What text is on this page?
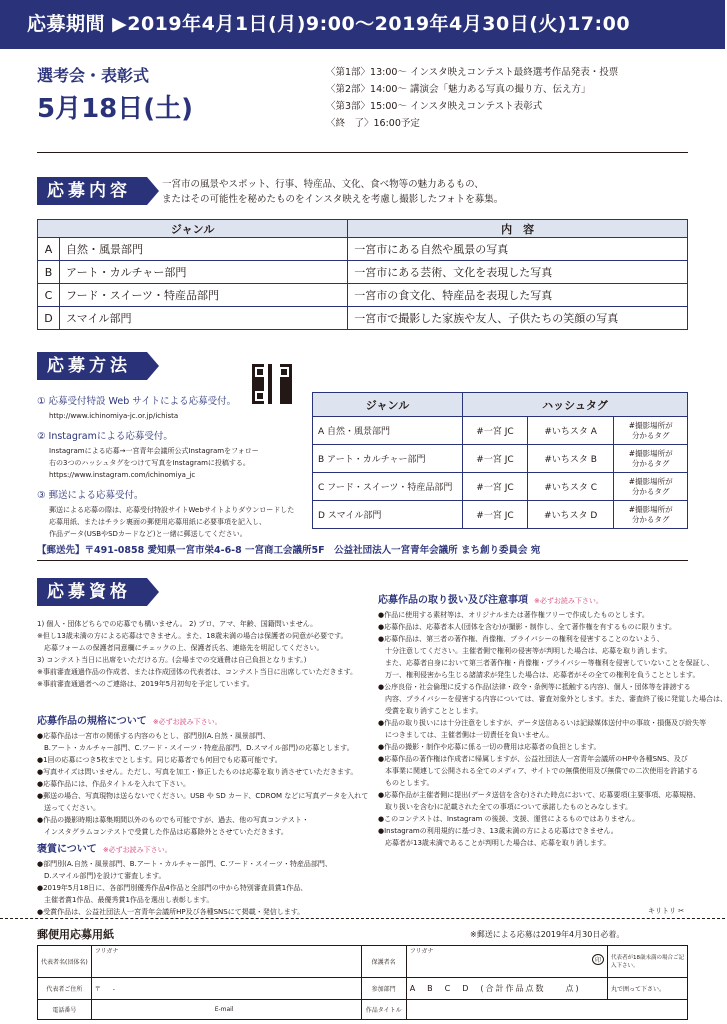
応募期間 ▶2019年4月1日(月)9:00〜2019年4月30日(火)17:00
選考会・表彰式
5月18日(土)
〈第1部〉13:00〜 インスタ映えコンテスト最終選考作品発表・投票
〈第2部〉14:00〜 講演会「魅力ある写真の撮り方、伝え方」
〈第3部〉15:00〜 インスタ映えコンテスト表彰式
〈終　了〉16:00予定
応募内容	一宮市の風景やスポット、行事、特産品、文化、食べ物等の魅力あるもの、
またはその可能性を秘めたものをインスタ映えを考慮し撮影したフォトを募集。
ジャンル		内　容
A	自然・風景部門	一宮市にある自然や風景の写真
B	アート・カルチャー部門	一宮市にある芸術、文化を表現した写真
C	フード・スイーツ・特産品部門	一宮市の食文化、特産品を表現した写真
D	スマイル部門	一宮市で撮影した家族や友人、子供たちの笑顔の写真
応募方法
① 応募受付特設 Web サイトによる応募受付。
http://www.ichinomiya-jc.or.jp/ichista
② Instagramによる応募受付。
Instagramによる応募→一宮青年会議所公式Instagramをフォロー
右の3つのハッシュタグをつけて写真をInstagramに投稿する。
https://www.instagram.com/ichinomiya_jc
③ 郵送による応募受付。
郵送による応募の際は、応募受付特設サイトWebサイトよりダウンロードした
応募用紙、またはチラシ裏面の郵便用応募用紙に必要事項を記入し、
作品データ(USBやSDカードなど)と一緒に郵送してください。
ジャンル	ハッシュタグ		
A 自然・風景部門	#一宮 JC	#いちスタ A	#撮影場所が
分かるタグ

B アート・カルチャー部門	#一宮 JC	#いちスタ B	#撮影場所が
分かるタグ

C フード・スイーツ・特産品部門	#一宮 JC	#いちスタ C	#撮影場所が
分かるタグ

D スマイル部門	#一宮 JC	#いちスタ D	#撮影場所が
分かるタグ
【郵送先】〒491-0858 愛知県一宮市栄4-6-8 一宮商工会議所5F　公益社団法人一宮青年会議所 まち創り委員会 宛
応募資格
1) 個人・団体どちらでの応募でも構いません。 2) プロ、アマ、年齢、国籍問いません。
※但し13歳未満の方による応募はできません。また、18歳未満の場合は保護者の同意が必要です。
　応募フォームの保護者同意欄にチェックの上、保護者氏名、連絡先を明記してください。
3) コンテスト当日に出席をいただける方。(会場までの交通費は自己負担となります。)
※事前審査通過作品の作成者、または作成団体の代表者は、コンテスト当日に出席していただきます。
※事前審査通過者へのご連絡は、2019年5月初旬を予定しています。
応募作品の規格について ※必ずお読み下さい。
●応募作品は一宮市の関係する内容のもとし、部門別(A.自然・風景部門、
　B.アート・カルチャー部門、C.フード・スイーツ・特産品部門、D.スマイル部門)の応募とします。
●1回の応募につき5枚までとします。同じ応募者でも何回でも応募可能です。
●写真サイズは問いません。ただし、写真を加工・修正したものは応募を取り消させていただきます。
●応募作品には、作品タイトルを入れて下さい。
●郵送の場合、写真現物は送らないでください。USB や SD カード、CDROM などに写真データを入れて
　送ってください。
●作品の撮影時期は募集期間以外のものでも可能ですが、過去、他の写真コンテスト・
　インスタグラムコンテストで受賞した作品は応募除外とさせていただきます。
褒賞について ※必ずお読み下さい。
●部門別(A.自然・風景部門、B.アート・カルチャー部門、C.フード・スイーツ・特産品部門、
　D.スマイル部門)を設けて審査します。
●2019年5月18日に、各部門別優秀作品4作品と全部門の中から特別審査員賞1作品、
　主催者賞1作品、最優秀賞1作品を選出し表彰します。
●受賞作品は、公益社団法人一宮青年会議所HP及び各種SNSにて掲載・発信します。
応募作品の取り扱い及び注意事項 ※必ずお読み下さい。
●作品に使用する素材等は、オリジナルまたは著作権フリーで作成したものとします。
●応募作品は、応募者本人(団体を含む)が撮影・制作し、全て著作権を有するものに限ります。
●応募作品は、第三者の著作権、肖像権、プライバシーの権利を侵害することのないよう、
　十分注意してください。主催者側で権利の侵害等が判明した場合は、応募を取り消します。
　また、応募者自身において第三者著作権・肖像権・プライバシー等権利を侵害していないことを保証し、
　万一、権利侵害から生じる諸請求が発生した場合は、応募者がその全ての権利を負うこととします。
●公序良俗・社会倫理に反する作品(法律・政令・条例等に抵触する内容)、個人・団体等を誹謗する
　内容、プライバシーを侵害する内容については、審査対象外とします。また、審査終了後に発覚した場合は、
　受賞を取り消すこととします。
●作品の取り扱いには十分注意をしますが、データ送信あるいは記録媒体送付中の事故・損傷及び紛失等
　につきましては、主催者側は一切責任を負いません。
●作品の撮影・制作や応募に係る一切の費用は応募者の負担とします。
●応募作品の著作権は作成者に帰属しますが、公益社団法人一宮青年会議所のHPや各種SNS、及び
　本事業に関連して公開される全てのメディア、サイトでの無償使用及び無償での二次使用を許諾する
　ものとします。
●応募作品が主催者側に提出(データ送信を含む)された時点において、応募要項(主要事項、応募規格、
　取り扱いを含む)に記載された全ての事項について承諾したものとみなします。
●このコンテストは、Instagram の後援、支援、運営によるものではありません。
●Instagramの利用規約に基づき、13歳未満の方による応募はできません。
　応募者が13歳未満であることが判明した場合は、応募を取り消します。
キリトリ ✂
郵便用応募用紙	※郵送による応募は2019年4月30日必着。
代表者名(団体名)	フリガナ	保護者名	フリガナ
印	代表者が18歳未満の場合ご記入下さい。
代表者ご住所	〒　　-	参加部門	A　B　C　D　(合計作品点数　　点)	丸で囲って下さい。
電話番号	E-mail	作品タイトル		
